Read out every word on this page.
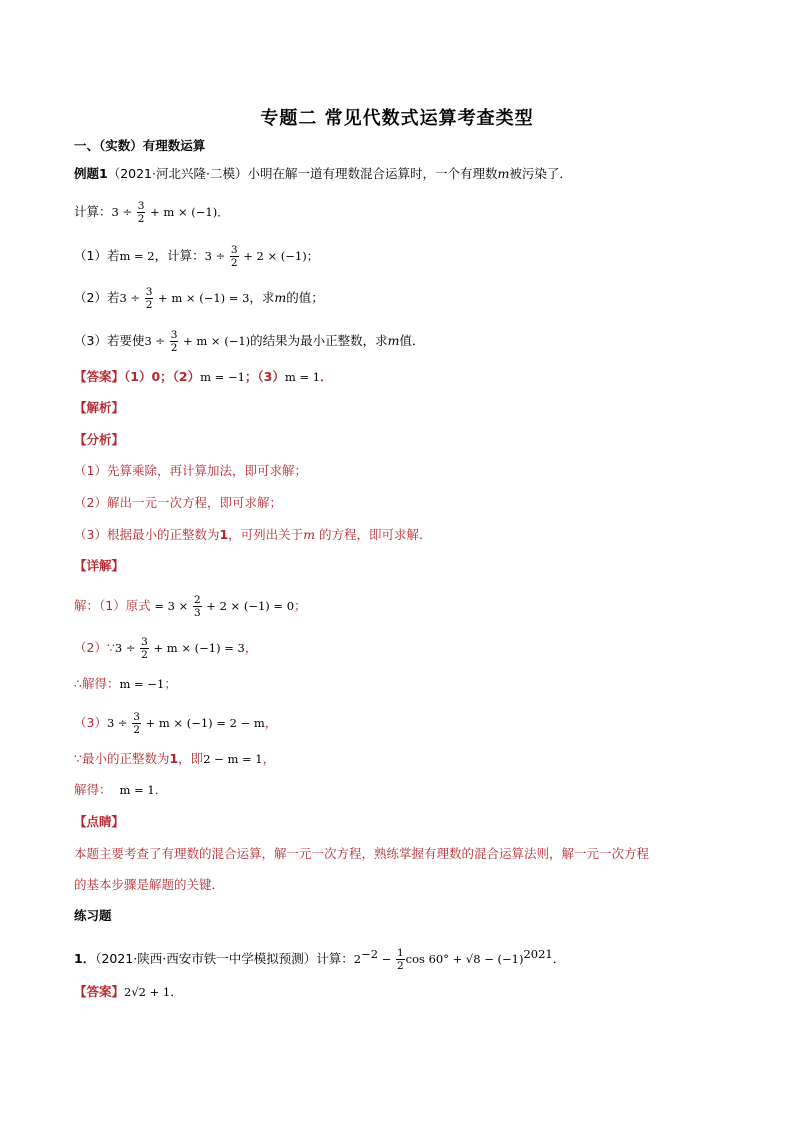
专题二 常见代数式运算考查类型
一、（实数）有理数运算
例题1（2021·河北兴隆·二模）小明在解一道有理数混合运算时，一个有理数m被污染了．
计算：$3 \div \frac{3}{2} + m \times (-1)$．
（1）若m = 2，计算：$3 \div \frac{3}{2} + 2 \times (-1)$；
（2）若$3 \div \frac{3}{2} + m \times (-1) = 3$，求m的值；
（3）若要使$3 \div \frac{3}{2} + m \times (-1)$的结果为最小正整数，求m值．
【答案】（1）0；（2）m = −1；（3）m = 1．
【解析】
【分析】
（1）先算乘除，再计算加法，即可求解；
（2）解出一元一次方程，即可求解；
（3）根据最小的正整数为1，可列出关于m 的方程，即可求解．
【详解】
解：（1）原式 = $3 \times \frac{2}{3} + 2 \times (-1) = 0$；
（2）∵3 ÷ $\frac{3}{2} + m \times (-1) = 3$，
∴解得：m = −1；
$(3)3 \div \frac{3}{2} + m \times (-1) = 2 - m$，
∵最小的正整数为1，即2 − m = 1，
解得： m = 1．
【点睛】
本题主要考查了有理数的混合运算，解一元一次方程，熟练掌握有理数的混合运算法则，解一元一次方程
的基本步骤是解题的关键．
练习题
1．（2021·陕西·西安市铁一中学模拟预测）计算：$2^{-2} - \frac{1}{2}$ $\cos 60^\circ + √8 - (-1)^{2021}$．
【答案】2√2 + 1．
